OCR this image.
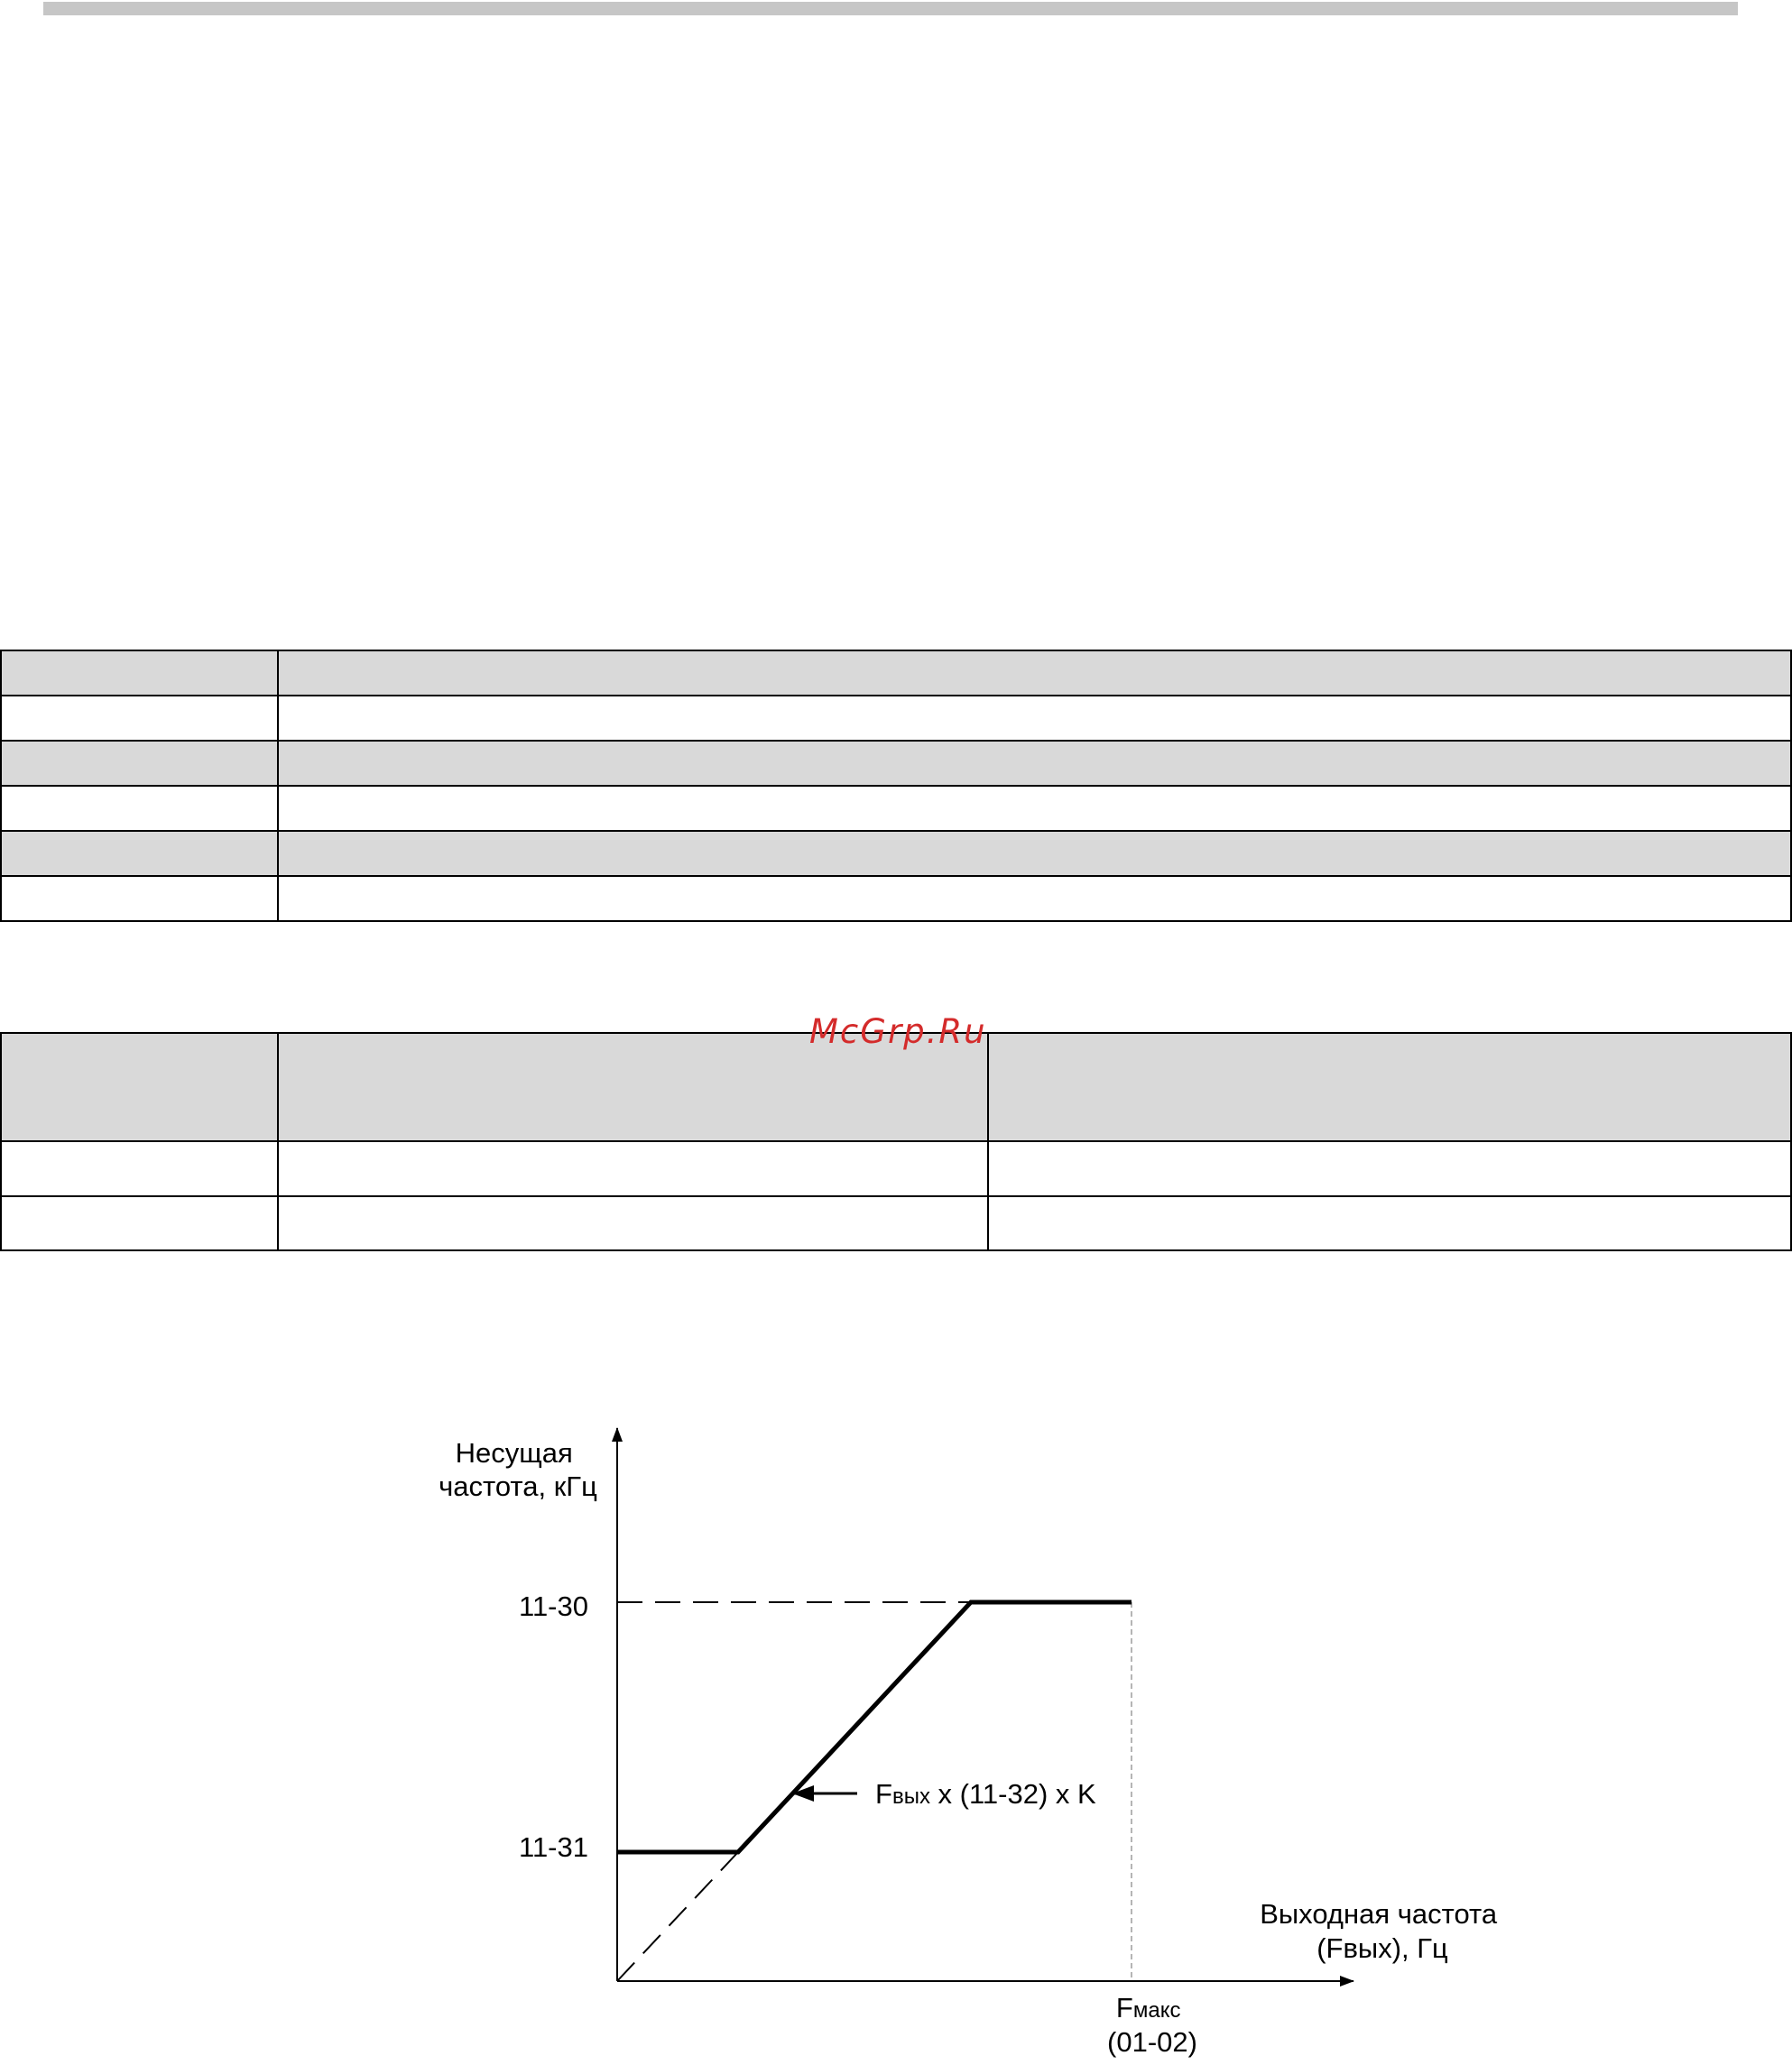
McGrp.Ru
Несущая частота, кГц
11-30
11-31
Fвых x (11-32) x K
Выходная частота (Fвых), Гц
Fмакс (01-02)
